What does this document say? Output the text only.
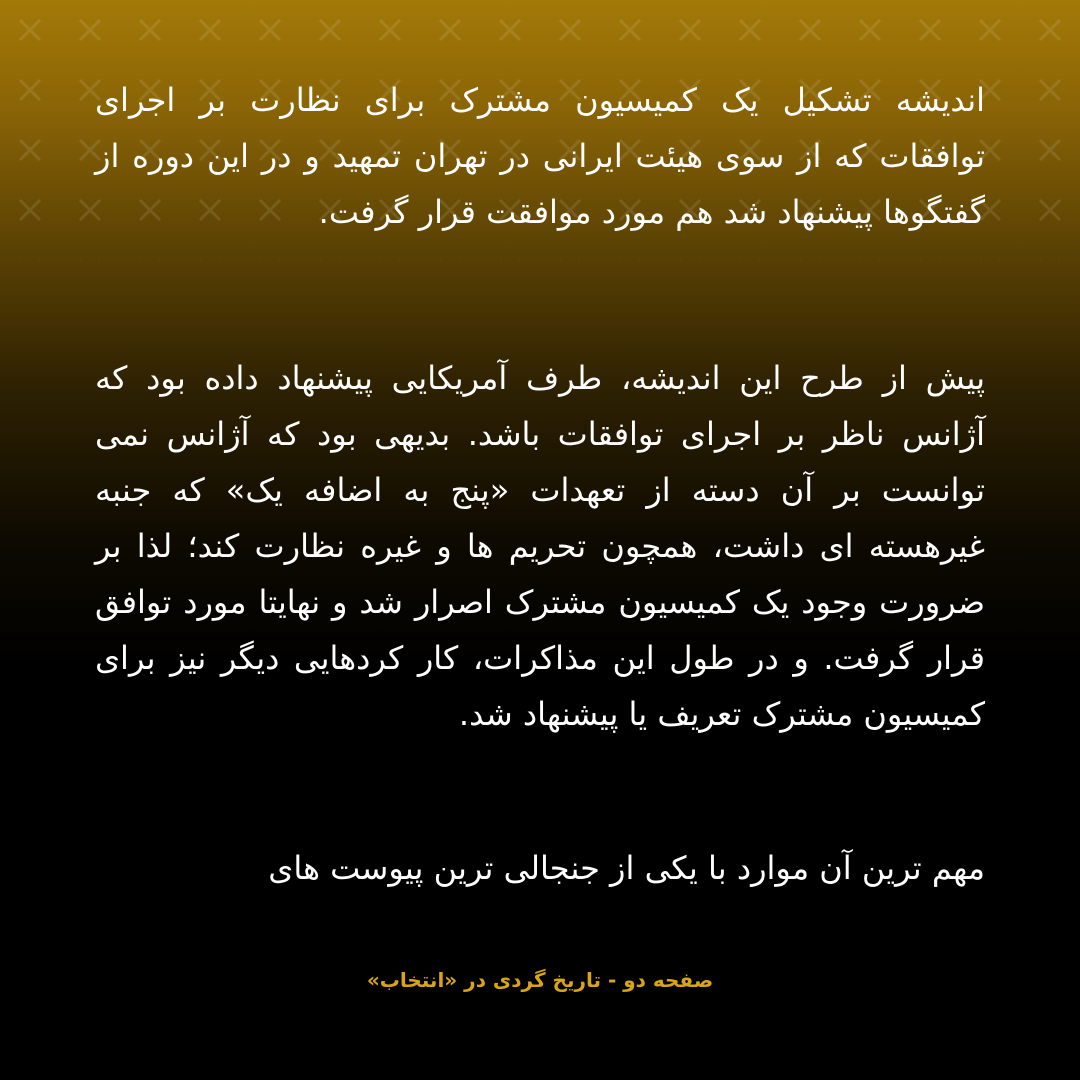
اندیشه تشکیل یک کمیسیون مشترک برای نظارت بر اجرای توافقات که از سوی هیئت ایرانی در تهران تمهید و در این دوره از گفتگوها پیشنهاد شد هم مورد موافقت قرار گرفت.

پیش از طرح این اندیشه، طرف آمریکایی پیشنهاد داده بود که آژانس ناظر بر اجرای توافقات باشد. بدیهی بود که آژانس نمی توانست بر آن دسته از تعهدات «پنج به اضافه یک» که جنبه غیرهسته ای داشت، همچون تحریم ها و غیره نظارت کند؛ لذا بر ضرورت وجود یک کمیسیون مشترک اصرار شد و نهایتا مورد توافق قرار گرفت. و در طول این مذاکرات، کار کردهایی دیگر نیز برای کمیسیون مشترک تعریف یا پیشنهاد شد.

مهم ترین آن موارد با یکی از جنجالی ترین پیوست های

صفحه دو - تاریخ گردی در «انتخاب»
